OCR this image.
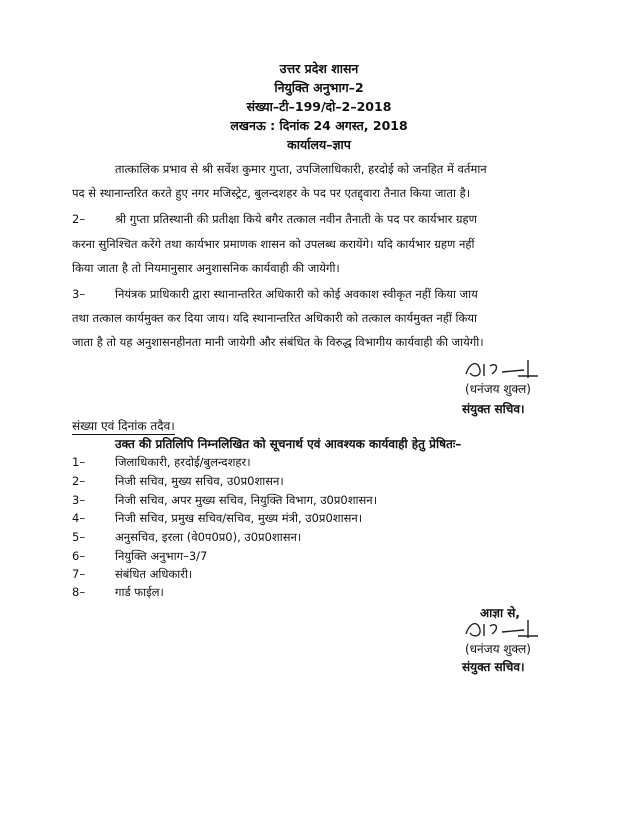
उत्तर प्रदेश शासन
नियुक्ति अनुभाग–2
संख्या–टी–199/दो–2–2018
लखनऊ : दिनांक 24 अगस्त, 2018
कार्यालय–ज्ञाप
तात्कालिक प्रभाव से श्री सर्वेश कुमार गुप्ता, उपजिलाधिकारी, हरदोई को जनहित में वर्तमान
पद से स्थानान्तरित करते हुए नगर मजिस्ट्रेट, बुलन्दशहर के पद पर एतद्द्वारा तैनात किया जाता है।
2–	श्री गुप्ता प्रतिस्थानी की प्रतीक्षा किये बगैर तत्काल नवीन तैनाती के पद पर कार्यभार ग्रहण
करना सुनिश्चित करेंगे तथा कार्यभार प्रमाणक शासन को उपलब्ध करायेंगे। यदि कार्यभार ग्रहण नहीं
किया जाता है तो नियमानुसार अनुशासनिक कार्यवाही की जायेगी।
3–	नियंत्रक प्राधिकारी द्वारा स्थानान्तरित अधिकारी को कोई अवकाश स्वीकृत नहीं किया जाय
तथा तत्काल कार्यमुक्त कर दिया जाय। यदि स्थानान्तरित अधिकारी को तत्काल कार्यमुक्त नहीं किया
जाता है तो यह अनुशासनहीनता मानी जायेगी और संबंधित के विरुद्ध विभागीय कार्यवाही की जायेगी।
(धनंजय शुक्ल)
संयुक्त सचिव।
संख्या एवं दिनांक तदैव।
उक्त की प्रतिलिपि निम्नलिखित को सूचनार्थ एवं आवश्यक कार्यवाही हेतु प्रेषितः–
1–	जिलाधिकारी, हरदोई/बुलन्दशहर।
2–	निजी सचिव, मुख्य सचिव, उ0प्र0शासन।
3–	निजी सचिव, अपर मुख्य सचिव, नियुक्ति विभाग, उ0प्र0शासन।
4–	निजी सचिव, प्रमुख सचिव/सचिव, मुख्य मंत्री, उ0प्र0शासन।
5–	अनुसचिव, इरला (वे0प0प्र0), उ0प्र0शासन।
6–	नियुक्ति अनुभाग–3/7
7–	संबंधित अधिकारी।
8–	गार्ड फाईल।
आज्ञा से,
(धनंजय शुक्ल)
संयुक्त सचिव।
